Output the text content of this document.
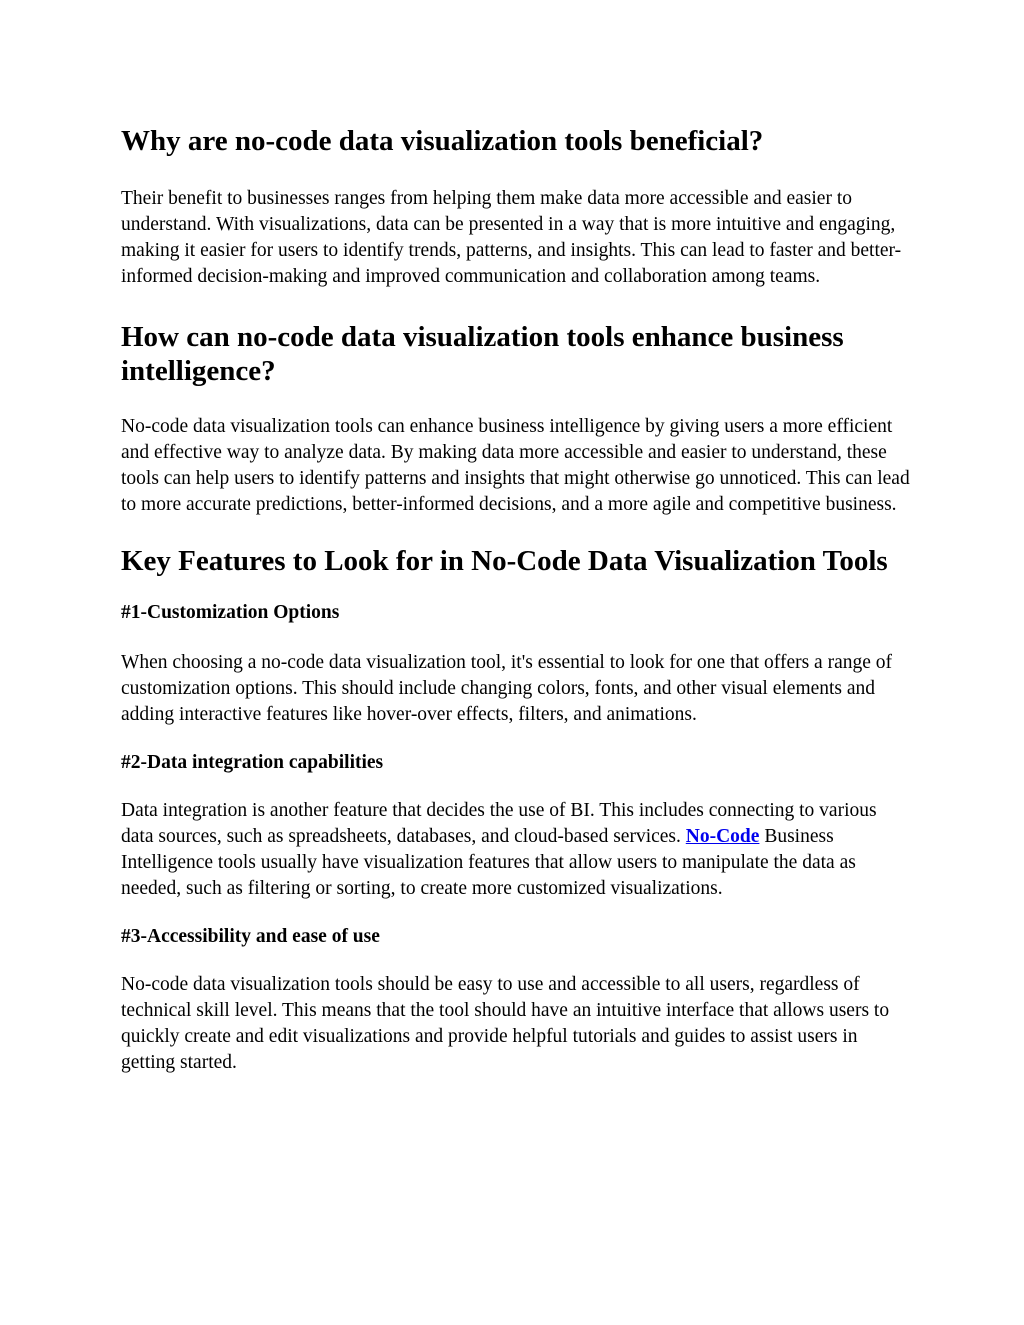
Why are no-code data visualization tools beneficial?

Their benefit to businesses ranges from helping them make data more accessible and easier to understand. With visualizations, data can be presented in a way that is more intuitive and engaging, making it easier for users to identify trends, patterns, and insights. This can lead to faster and better-informed decision-making and improved communication and collaboration among teams.

How can no-code data visualization tools enhance business intelligence?

No-code data visualization tools can enhance business intelligence by giving users a more efficient and effective way to analyze data. By making data more accessible and easier to understand, these tools can help users to identify patterns and insights that might otherwise go unnoticed. This can lead to more accurate predictions, better-informed decisions, and a more agile and competitive business.

Key Features to Look for in No-Code Data Visualization Tools
#1-Customization Options

When choosing a no-code data visualization tool, it's essential to look for one that offers a range of customization options. This should include changing colors, fonts, and other visual elements and adding interactive features like hover-over effects, filters, and animations.

#2-Data integration capabilities

Data integration is another feature that decides the use of BI. This includes connecting to various data sources, such as spreadsheets, databases, and cloud-based services. No-Code Business Intelligence tools usually have visualization features that allow users to manipulate the data as needed, such as filtering or sorting, to create more customized visualizations.

#3-Accessibility and ease of use

No-code data visualization tools should be easy to use and accessible to all users, regardless of technical skill level. This means that the tool should have an intuitive interface that allows users to quickly create and edit visualizations and provide helpful tutorials and guides to assist users in getting started.
